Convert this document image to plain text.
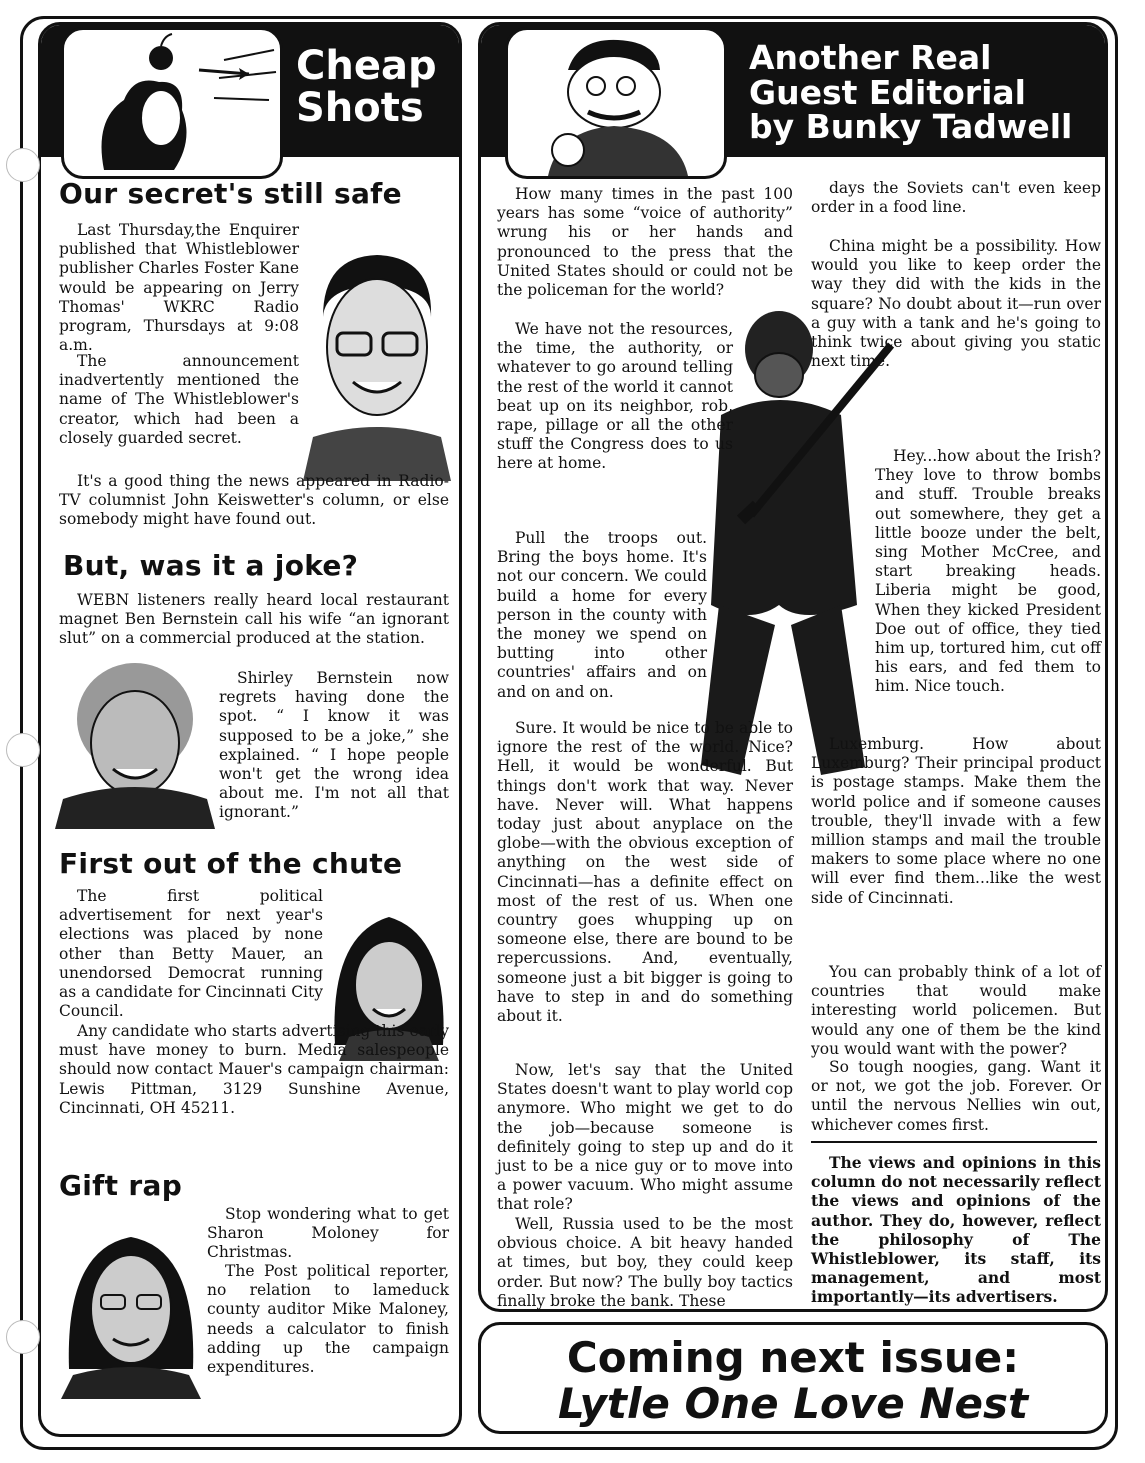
Cheap
Shots
Our secret's still safe

Last Thursday,the Enquirer published that Whistleblower publisher Charles Foster Kane would be appearing on Jerry Thomas' WKRC Radio program, Thursdays at 9:08 a.m.

The announcement inadvertently mentioned the name of The Whistleblower's creator, which had been a closely guarded secret.

It's a good thing the news appeared in Radio-TV columnist John Keiswetter's column, or else somebody might have found out.

But, was it a joke?

WEBN listeners really heard local restaurant magnet Ben Bernstein call his wife “an ignorant slut” on a commercial produced at the station.

Shirley Bernstein now regrets having done the spot. “ I know it was supposed to be a joke,” she explained. “ I hope people won't get the wrong idea about me. I'm not all that ignorant.”

First out of the chute

The first political advertisement for next year's elections was placed by none other than Betty Mauer, an unendorsed Democrat running as a candidate for Cincinnati City Council.

Any candidate who starts advertising this early must have money to burn. Media salespeople should now contact Mauer's campaign chairman: Lewis Pittman, 3129 Sunshine Avenue, Cincinnati, OH 45211.

Gift rap

Stop wondering what to get Sharon Moloney for Christmas.

The Post political reporter, no relation to lameduck county auditor Mike Maloney, needs a calculator to finish adding up the campaign expenditures.

Another Real
Guest Editorial
by Bunky Tadwell

How many times in the past 100 years has some “voice of authority” wrung his or her hands and pronounced to the press that the United States should or could not be the policeman for the world?

We have not the resources, the time, the authority, or whatever to go around telling the rest of the world it cannot beat up on its neighbor, rob, rape, pillage or all the other stuff the Congress does to us here at home.

Pull the troops out. Bring the boys home. It's not our concern. We could build a home for every person in the county with the money we spend on butting into other countries' affairs and on and on and on.

Sure. It would be nice to be able to ignore the rest of the world. Nice? Hell, it would be wonderful. But things don't work that way. Never have. Never will. What happens today just about anyplace on the globe—with the obvious exception of anything on the west side of Cincinnati—has a definite effect on most of the rest of us. When one country goes whupping up on someone else, there are bound to be repercussions. And, eventually, someone just a bit bigger is going to have to step in and do something about it.

Now, let's say that the United States doesn't want to play world cop anymore. Who might we get to do the job—because someone is definitely going to step up and do it just to be a nice guy or to move into a power vacuum. Who might assume that role?

Well, Russia used to be the most obvious choice. A bit heavy handed at times, but boy, they could keep order. But now? The bully boy tactics finally broke the bank. These

days the Soviets can't even keep order in a food line.

China might be a possibility. How would you like to keep order the way they did with the kids in the square? No doubt about it—run over a guy with a tank and he's going to think twice about giving you static next time.

Hey...how about the Irish? They love to throw bombs and stuff. Trouble breaks out somewhere, they get a little booze under the belt, sing Mother McCree, and start breaking heads. Liberia might be good, When they kicked President Doe out of office, they tied him up, tortured him, cut off his ears, and fed them to him. Nice touch.

Luxemburg. How about Luxemburg? Their principal product is postage stamps. Make them the world police and if someone causes trouble, they'll invade with a few million stamps and mail the trouble makers to some place where no one will ever find them...like the west side of Cincinnati.

You can probably think of a lot of countries that would make interesting world policemen. But would any one of them be the kind you would want with the power?

So tough noogies, gang. Want it or not, we got the job. Forever. Or until the nervous Nellies win out, whichever comes first.

The views and opinions in this column do not necessarily reflect the views and opinions of the author. They do, however, reflect the philosophy of The Whistleblower, its staff, its management, and most importantly—its advertisers.

Coming next issue:
Lytle One Love Nest
